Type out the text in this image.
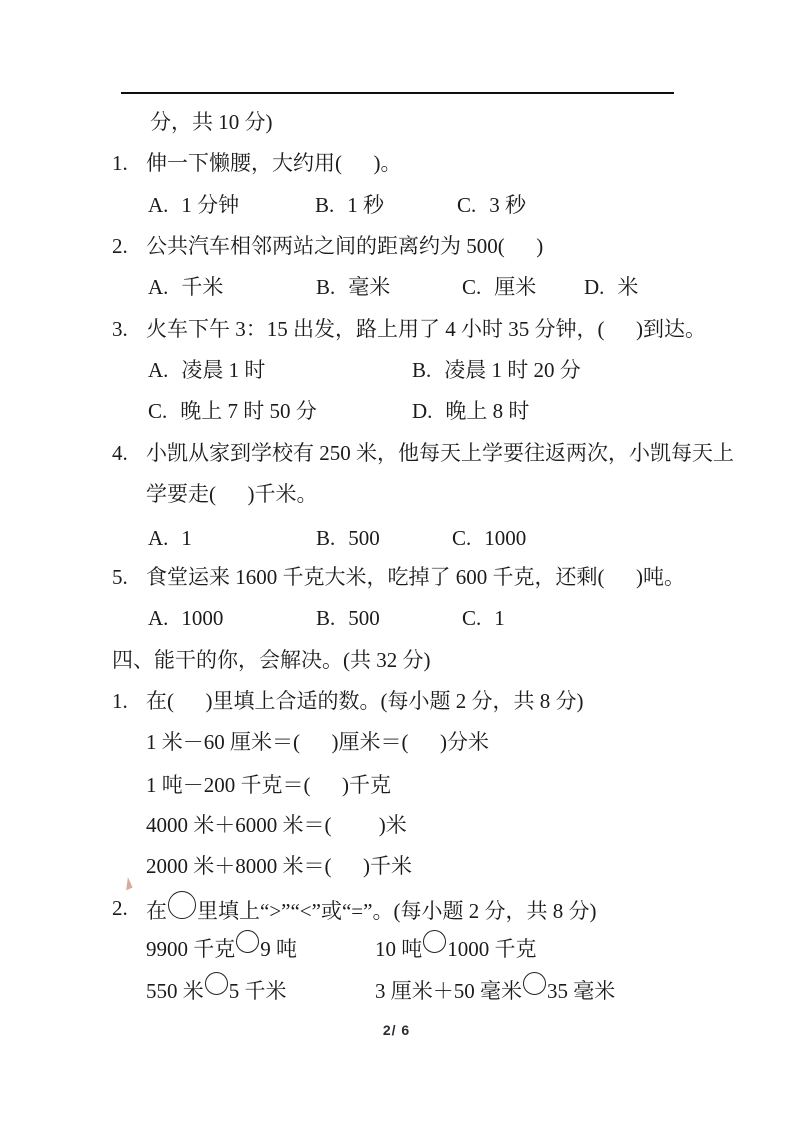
分，共 10 分)

1.

伸一下懒腰，大约用(      )。

A. 1 分钟

	B. 1 秒

	C. 3 秒

2.

公共汽车相邻两站之间的距离约为 500(      )

A. 千米

	B. 毫米

	C. 厘米

D. 米

3.

火车下午 3：15 出发，路上用了 4 小时 35 分钟，(      )到达。

A. 凌晨 1 时

	B. 凌晨 1 时 20 分

C. 晚上 7 时 50 分

	D. 晚上 8 时

4.

小凯从家到学校有 250 米，他每天上学要往返两次，小凯每天上

学要走(      )千米。

A. 1

	B. 500

	C. 1000

5.

食堂运来 1600 千克大米，吃掉了 600 千克，还剩(      )吨。

A. 1000

	B. 500

	C. 1

四、能干的你，会解决。(共 32 分)

1.

在(      )里填上合适的数。(每小题 2 分，共 8 分)

1 米－60 厘米＝(      )厘米＝(      )分米

1 吨－200 千克＝(      )千克

4000 米＋6000 米＝(         )米

2000 米＋8000 米＝(      )千米

2.

在 里填上“>”“<”或“=”。(每小题 2 分，共 8 分)

9900 千克 9 吨

	10 吨 1000 千克

550 米 5 千米

	3 厘米＋50 毫米 35 毫米

2/ 6
